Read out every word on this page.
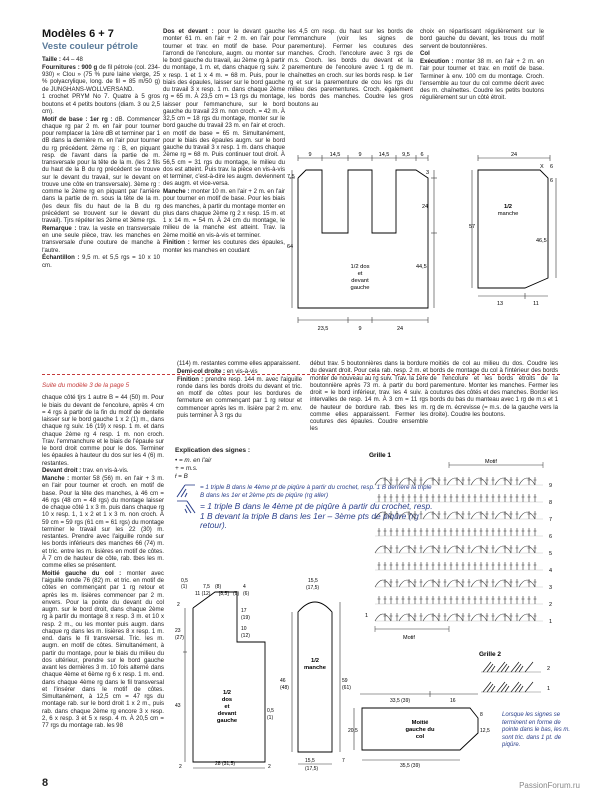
Modèles 6 + 7
Veste couleur pétrole

Taille : 44 – 48

Fournitures : 900 g de fil pétrole (col. 234-930) « Clou » (75 % pure laine vierge, 25 % polyacrylique, long. de fil = 85 m/50 g) de JUNGHANS-WOLLVERSAND.

1 crochet PRYM No 7. Quatre à 5 gros boutons et 4 petits boutons (diam. 3 ou 2,5 cm).

Motif de base : 1er rg : dB. Commencer chaque rg par 2 m. en l'air pour tourner pour remplacer la 1ère dB et terminer par 1 dB dans la dernière m. en l'air pour tourner du rg précédent. 2ème rg : B, en piquant resp. de l'avant dans la partie de m. transversale pour la tête de la m. (les 2 fils du haut de la B du rg précédent se trouve sur le devant du travail, sur le devant on trouve une côte en transversale). 3ème rg : comme le 2ème rg en piquant par l'arrière dans la partie de m. sous la tête de la m. (les deux fils du haut de la B du rg précédent se trouvent sur le devant du travail). Tjrs répéter les 2ème et 3ème rgs.

Remarque : trav. la veste en transversale en une seule pièce, trav. les manches en transversale d'une couture de manche à l'autre.

Échantillon : 9,5 m. et 5,5 rgs = 10 x 10 cm.

Dos et devant : pour le devant gauche monter 61 m. en l'air + 2 m. en l'air pour tourner et trav. en motif de base. Pour l'arrondi de l'encolure, augm. ou monter sur le bord gauche du travail, au 2ème rg à partir du montage, 1 m. et, dans chaque rg suiv. 2 x resp. 1 et 1 x 4 m. = 68 m. Puis, pour le biais des épaules, laisser sur le bord gauche du travail 3 x resp. 1 m. dans chaque 2ème rg = 65 m. À 23,5 cm = 13 rgs du montage, laisser pour l'emmanchure, sur le bord gauche du travail 23 m. non croch. = 42 m. À 32,5 cm = 18 rgs du montage, monter sur le bord gauche du travail 23 m. en l'air et croch. en motif de base = 65 m. Simultanément, pour le biais des épaules augm. sur le bord gauche du travail 3 x resp. 1 m. dans chaque 2ème rg = 68 m. Puis continuer tout droit. À 56,5 cm = 31 rgs du montage, le milieu du dos est atteint. Puis trav. la pièce en vis-à-vis et terminer, c'est-à-dire les augm. deviennent des augm. et vice-versa.

Manche : monter 10 m. en l'air + 2 m. en l'air pour tourner en motif de base. Pour les biais des manches, à partir du montage monter en plus dans chaque 2ème rg 2 x resp. 15 m. et 1 x 14 m. = 54 m. À 24 cm du montage, le milieu de la manche est atteint. Trav. la 2ème moitié en vis-à-vis et terminer.

Finition : fermer les coutures des épaules, monter les manches en coudant

les 4,5 cm resp. du haut sur les bords de l'emmanchure (voir les signes de parementure). Fermer les coutures des manches. Croch. l'encolure avec 3 rgs de m.s. Croch. les bords du devant et la parementure de l'encolure avec 1 rg de m. chaînettes en croch. sur les bords resp. le 1er rg et sur la parementure de cou les rgs du milieu des parementures. Croch. également les bords des manches. Coudre les gros boutons au

choix en répartissant régulièrement sur le bord gauche du devant, les trous du motif servent de boutonnières.

Col

Exécution : monter 38 m. en l'air + 2 m. en l'air pour tourner et trav. en motif de base. Terminer à env. 100 cm du montage. Croch. l'ensemble au tour du col comme décrit avec des m. chaînettes. Coudre les petits boutons régulièrement sur un côté étroit.

9	14,5	9	14,5 9,5 6
7,5
64
3
24
44,5
23,5	9	24
1/2 dos
et
devant
gauche
24
X 6
6
57
46,5
13	11
1/2
manche
Suite du modèle 3 de la page 5

chaque côté tjrs 1 autre B = 44 (50) m. Pour le biais du devant de l'encolure, après 4 cm = 4 rgs à partir de la fin du motif de dentelle laisser sur le bord gauche 1 x 2 (1) m., dans chaque rg suiv. 16 (19) x resp. 1 m. et dans chaque 2ème rg 4 resp. 1 m. non croch. Trav. l'emmanchure et le biais de l'épaule sur le bord droit comme pour le dos. Terminer les épaules à hauteur du dos sur les 4 (6) m. restantes.

Devant droit : trav. en vis-à-vis.

Manche : monter 58 (56) m. en l'air + 3 m. en l'air pour tourner et croch. en motif de base. Pour la tête des manches, à 46 cm = 46 rgs (48 cm = 48 rgs) du montage laisser de chaque côté 1 x 3 m. puis dans chaque rg 10 x resp. 1, 1 x 2 et 1 x 3 m. non croch. À 59 cm = 59 rgs (61 cm = 61 rgs) du montage terminer le travail sur les 22 (30) m. restantes. Prendre avec l'aiguille ronde sur les bords inférieurs des manches 66 (74) m. et tric. entre les m. lisières en motif de côtes. À 7 cm de hauteur de côte, rab. tbes les m. comme elles se présentent.

Moitié gauche du col : monter avec l'aiguille ronde 76 (82) m. et tric. en motif de côtes en commençant par 1 rg retour et après les m. lisières commencer par 2 m. envers. Pour la pointe du devant du col augm. sur le bord droit, dans chaque 2ème rg à partir du montage 8 x resp. 3 m. et 10 x resp. 2 m., ou les monter puis augm. dans chaque rg dans les m. lisières 8 x resp. 1 m. end. dans le fil transversal. Tric. les m. augm. en motif de côtes. Simultanément, à partir du montage, pour le biais du milieu du dos ultérieur, prendre sur le bord gauche avant les dernières 3 m. 10 fois alterné dans chaque 4ème et 6ème rg 6 x resp. 1 m. end. dans chaque 4ème rg dans le fil transversal et l'insérer dans le motif de côtes. Simultanément, à 12,5 cm = 47 rgs du montage rab. sur le bord droit 1 x 2 m., puis rab. dans chaque 2ème rg encore 3 x resp. 2, 6 x resp. 3 et 5 x resp. 4 m. À 20,5 cm = 77 rgs du montage rab. les 98

(114) m. restantes comme elles apparaissent.

Demi-col droite : en vis-à-vis

Finition : prendre resp. 144 m. avec l'aiguille ronde dans les bords droits du devant et tric. en motif de côtes pour les bordures de fermeture en commençant par 1 rg retour et commencer après les m. lisière par 2 m. env. puis terminer À 3 rgs du

début trav. 5 boutonnières dans la bordure du devant droit. Pour cela rab. resp. 2 m. et monter de nouveau au rg suiv. Trav. la 1ère boutonnière après 73 m. à partir du bord droit = le bord inférieur, trav. les 4 suiv. à intervalles de resp. 14 m. À 3 cm = 11 rgs de hauteur de bordure rab. tbes les m. comme elles apparaissent. Fermer les coutures des épaules. Coudre ensemble les

moitiés de col au milieu du dos. Coudre les bords de montage du col à l'intérieur des bords de l'encolure et les bords étroits de la parementure. Monter les manches. Fermer les coutures des côtés et des manches. Border les bords du bas du manteau avec 1 rg de m.s et 1 rg de m. écrevisse (= m.s. de la gauche vers la droite). Coudre les boutons.

Explication des signes :
• = m. en l'air
+ = m.s.
ƚ = B
= 1 triple B dans le 4ème pt de piqûre à partir du crochet, resp. 1 B derrière la triple B dans les 1er et 2ème pts de piqûre (rg aller)
= 1 triple B dans le 4ème pt de piqûre à partir du crochet, resp. 1 B devant la triple B dans les 1er – 3ème pts de piqûre (rg retour).
0,5
(1)	7,5 (8)
11 (12) [8,5] (9)
4
(6)
2
23
(27)
43
17
(19)
10
(12)
1/2
dos
et
devant
gauche
28 (31,5)
2	2
0,5
(1)
15,5
(17,5)
46
(48)
59
(61)
1/2
manche
15,5
(17,5)
7
33,5 (39)	16
20,5	12,5
8
Moitié
gauche du
col
35,5 (39)
Grille 1
Motif
9
8
7
6
5
4
3
2
1
Motif
1
Grille 2
2
1
Lorsque les signes se terminent en forme de pointe dans le bas, les m. sont tric. dans 1 pt. de piqûre.
8	PassionForum.ru
